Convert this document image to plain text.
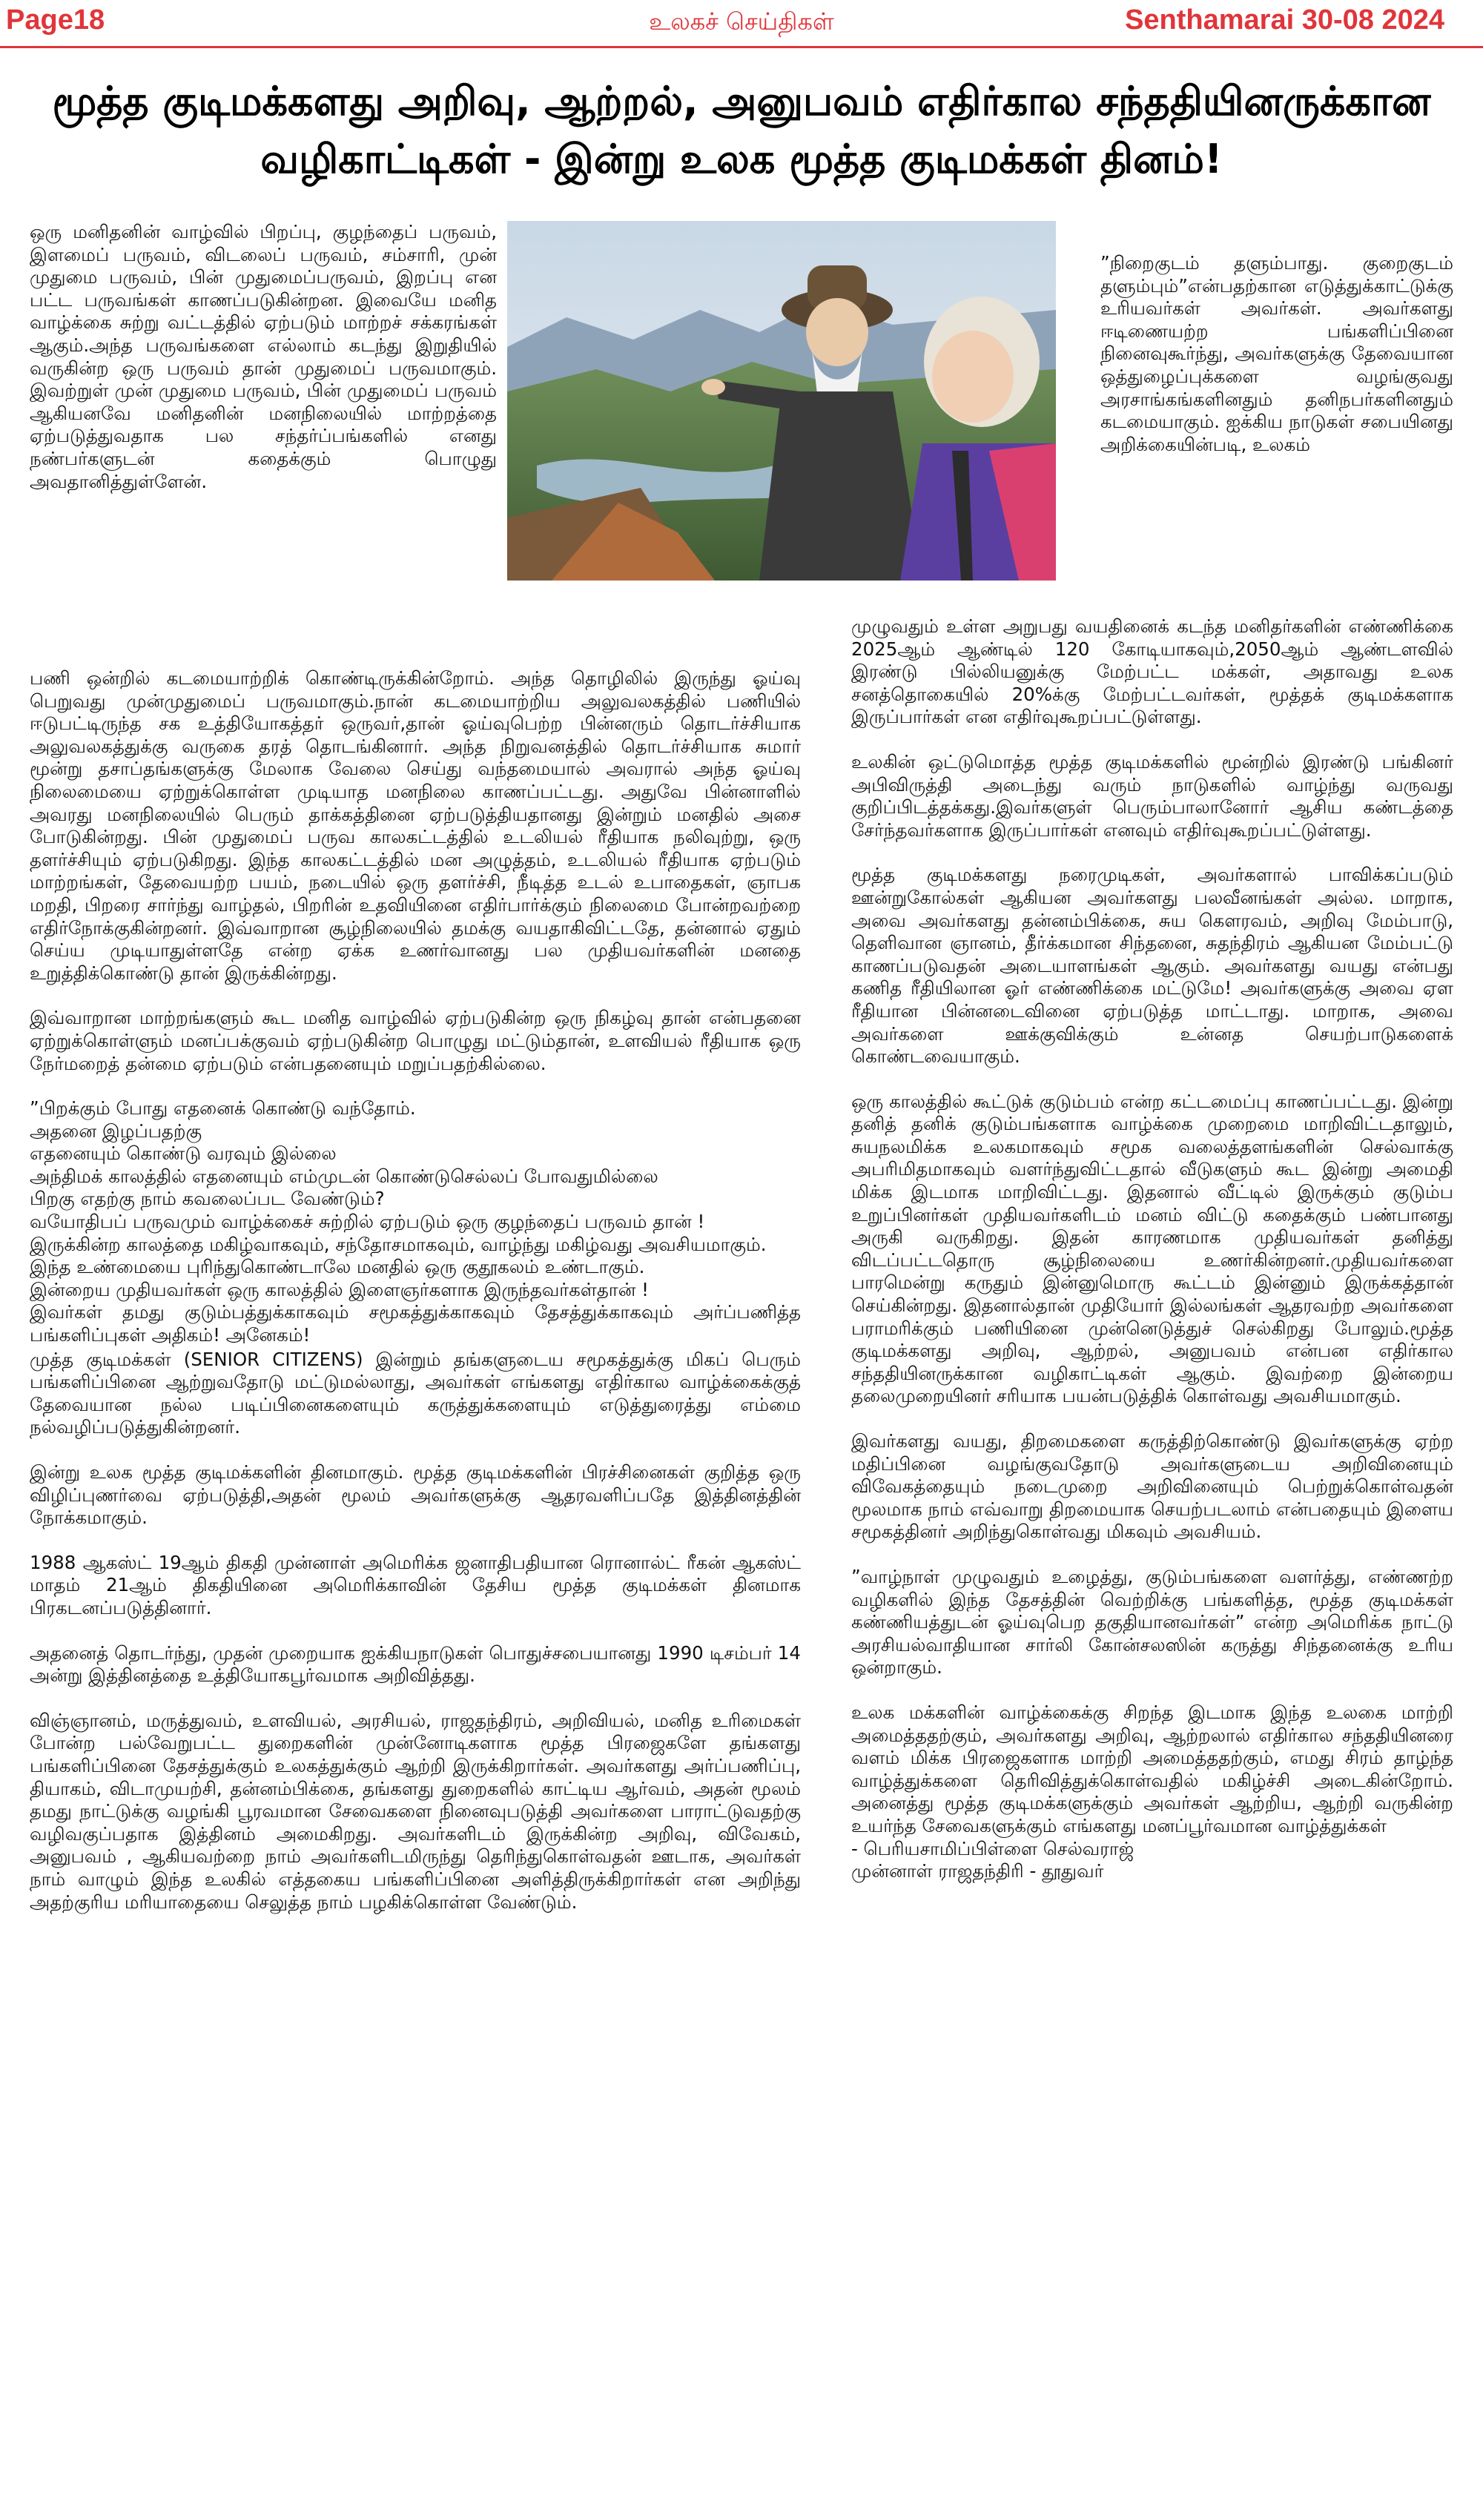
Page18	உலகச் செய்திகள்	Senthamarai 30-08 2024
மூத்த குடிமக்களது அறிவு, ஆற்றல், அனுபவம் எதிர்கால சந்ததியினருக்கான
வழிகாட்டிகள் - இன்று உலக மூத்த குடிமக்கள் தினம்!

ஒரு மனிதனின் வாழ்வில் பிறப்பு, குழந்தைப் பருவம், இளமைப் பருவம், விடலைப் பருவம், சம்சாரி, முன் முதுமை பருவம், பின் முதுமைப்பருவம், இறப்பு என பட்ட பருவங்கள் காணப்படுகின்றன. இவையே மனித வாழ்க்கை சுற்று வட்டத்தில் ஏற்படும் மாற்றச் சக்கரங்கள் ஆகும்.அந்த பருவங்களை எல்லாம் கடந்து இறுதியில் வருகின்ற ஒரு பருவம் தான் முதுமைப் பருவமாகும். இவற்றுள் முன் முதுமை பருவம், பின் முதுமைப் பருவம் ஆகியனவே மனிதனின் மனநிலையில் மாற்றத்தை ஏற்படுத்துவதாக பல சந்தர்ப்பங்களில் எனது நண்பர்களுடன் கதைக்கும் பொழுது அவதானித்துள்ளேன்.

”நிறைகுடம் தளும்பாது. குறைகுடம் தளும்பும்”என்பதற்கான எடுத்துக்காட்டுக்கு உரியவர்கள் அவர்கள். அவர்களது ஈடிணையற்ற பங்களிப்பினை நினைவுகூர்ந்து, அவர்களுக்கு தேவையான ஒத்துழைப்புக்களை வழங்குவது அரசாங்கங்களினதும் தனிநபர்களினதும் கடமையாகும். ஐக்கிய நாடுகள் சபையினது அறிக்கையின்படி, உலகம்

பணி ஒன்றில் கடமையாற்றிக் கொண்டிருக்கின்றோம். அந்த தொழிலில் இருந்து ஓய்வு பெறுவது முன்முதுமைப் பருவமாகும்.நான் கடமையாற்றிய அலுவலகத்தில் பணியில் ஈடுபட்டிருந்த சக உத்தியோகத்தர் ஒருவர்,தான் ஓய்வுபெற்ற பின்னரும் தொடர்ச்சியாக அலுவலகத்துக்கு வருகை தரத் தொடங்கினார். அந்த நிறுவனத்தில் தொடர்ச்சியாக சுமார் மூன்று தசாப்தங்களுக்கு மேலாக வேலை செய்து வந்தமையால் அவரால் அந்த ஓய்வு நிலைமையை ஏற்றுக்கொள்ள முடியாத மனநிலை காணப்பட்டது. அதுவே பின்னாளில் அவரது மனநிலையில் பெரும் தாக்கத்தினை ஏற்படுத்தியதானது இன்றும் மனதில் அசை போடுகின்றது. பின் முதுமைப் பருவ காலகட்டத்தில் உடலியல் ரீதியாக நலிவுற்று, ஒரு தளர்ச்சியும் ஏற்படுகிறது. இந்த காலகட்டத்தில் மன அழுத்தம், உடலியல் ரீதியாக ஏற்படும் மாற்றங்கள், தேவையற்ற பயம், நடையில் ஒரு தளர்ச்சி, நீடித்த உடல் உபாதைகள், ஞாபக மறதி, பிறரை சார்ந்து வாழ்தல், பிறரின் உதவியினை எதிர்பார்க்கும் நிலைமை போன்றவற்றை எதிர்நோக்குகின்றனர். இவ்வாறான சூழ்நிலையில் தமக்கு வயதாகிவிட்டதே, தன்னால் ஏதும் செய்ய முடியாதுள்ளதே என்ற ஏக்க உணர்வானது பல முதியவர்களின் மனதை உறுத்திக்கொண்டு தான் இருக்கின்றது.

இவ்வாறான மாற்றங்களும் கூட மனித வாழ்வில் ஏற்படுகின்ற ஒரு நிகழ்வு தான் என்பதனை ஏற்றுக்கொள்ளும் மனப்பக்குவம் ஏற்படுகின்ற பொழுது மட்டும்தான், உளவியல் ரீதியாக ஒரு நேர்மறைத் தன்மை ஏற்படும் என்பதனையும் மறுப்பதற்கில்லை.

”பிறக்கும் போது எதனைக் கொண்டு வந்தோம்.

அதனை இழப்பதற்கு

எதனையும் கொண்டு வரவும் இல்லை

அந்திமக் காலத்தில் எதனையும் எம்முடன் கொண்டுசெல்லப் போவதுமில்லை

பிறகு எதற்கு நாம் கவலைப்பட வேண்டும்?

வயோதிபப் பருவமும் வாழ்க்கைச் சுற்றில் ஏற்படும் ஒரு குழந்தைப் பருவம் தான் !

இருக்கின்ற காலத்தை மகிழ்வாகவும், சந்தோசமாகவும், வாழ்ந்து மகிழ்வது அவசியமாகும்.

இந்த உண்மையை புரிந்துகொண்டாலே மனதில் ஒரு குதூகலம் உண்டாகும்.

இன்றைய முதியவர்கள் ஒரு காலத்தில் இளைஞர்களாக இருந்தவர்கள்தான் !

இவர்கள் தமது குடும்பத்துக்காகவும் சமூகத்துக்காகவும் தேசத்துக்காகவும் அர்ப்பணித்த பங்களிப்புகள் அதிகம்! அனேகம்!

முத்த குடிமக்கள் (SENIOR CITIZENS) இன்றும் தங்களுடைய சமூகத்துக்கு மிகப் பெரும் பங்களிப்பினை ஆற்றுவதோடு மட்டுமல்லாது, அவர்கள் எங்களது எதிர்கால வாழ்க்கைக்குத் தேவையான நல்ல படிப்பினைகளையும் கருத்துக்களையும் எடுத்துரைத்து எம்மை நல்வழிப்படுத்துகின்றனர்.

இன்று உலக மூத்த குடிமக்களின் தினமாகும். மூத்த குடிமக்களின் பிரச்சினைகள் குறித்த ஒரு விழிப்புணர்வை ஏற்படுத்தி,அதன் மூலம் அவர்களுக்கு ஆதரவளிப்பதே இத்தினத்தின் நோக்கமாகும்.

1988 ஆகஸ்ட் 19ஆம் திகதி முன்னாள் அமெரிக்க ஜனாதிபதியான ரொனால்ட் ரீகன் ஆகஸ்ட் மாதம் 21ஆம் திகதியினை அமெரிக்காவின் தேசிய மூத்த குடிமக்கள் தினமாக பிரகடனப்படுத்தினார்.

அதனைத் தொடர்ந்து, முதன் முறையாக ஐக்கியநாடுகள் பொதுச்சபையானது 1990 டிசம்பர் 14 அன்று இத்தினத்தை உத்தியோகபூர்வமாக அறிவித்தது.

விஞ்ஞானம், மருத்துவம், உளவியல், அரசியல், ராஜதந்திரம், அறிவியல், மனித உரிமைகள் போன்ற பல்வேறுபட்ட துறைகளின் முன்னோடிகளாக மூத்த பிரஜைகளே தங்களது பங்களிப்பினை தேசத்துக்கும் உலகத்துக்கும் ஆற்றி இருக்கிறார்கள். அவர்களது அர்ப்பணிப்பு, தியாகம், விடாமுயற்சி, தன்னம்பிக்கை, தங்களது துறைகளில் காட்டிய ஆர்வம், அதன் மூலம் தமது நாட்டுக்கு வழங்கி பூரவமான சேவைகளை நினைவுபடுத்தி அவர்களை பாராட்டுவதற்கு வழிவகுப்பதாக இத்தினம் அமைகிறது. அவர்களிடம் இருக்கின்ற அறிவு, விவேகம், அனுபவம் , ஆகியவற்றை நாம் அவர்களிடமிருந்து தெரிந்துகொள்வதன் ஊடாக, அவர்கள் நாம் வாழும் இந்த உலகில் எத்தகைய பங்களிப்பினை அளித்திருக்கிறார்கள் என அறிந்து அதற்குரிய மரியாதையை செலுத்த நாம் பழகிக்கொள்ள வேண்டும்.

முழுவதும் உள்ள அறுபது வயதினைக் கடந்த மனிதர்களின் எண்ணிக்கை 2025ஆம் ஆண்டில் 120 கோடியாகவும்,2050ஆம் ஆண்டளவில் இரண்டு பில்லியனுக்கு மேற்பட்ட மக்கள், அதாவது உலக சனத்தொகையில் 20%க்கு மேற்பட்டவர்கள், மூத்தக் குடிமக்களாக இருப்பார்கள் என எதிர்வுகூறப்பட்டுள்ளது.

உலகின் ஒட்டுமொத்த மூத்த குடிமக்களில் மூன்றில் இரண்டு பங்கினர் அபிவிருத்தி அடைந்து வரும் நாடுகளில் வாழ்ந்து வருவது குறிப்பிடத்தக்கது.இவர்களுள் பெரும்பாலானோர் ஆசிய கண்டத்தை சேர்ந்தவர்களாக இருப்பார்கள் எனவும் எதிர்வுகூறப்பட்டுள்ளது.

மூத்த குடிமக்களது நரைமுடிகள், அவர்களால் பாவிக்கப்படும் ஊன்றுகோல்கள் ஆகியன அவர்களது பலவீனங்கள் அல்ல. மாறாக, அவை அவர்களது தன்னம்பிக்கை, சுய கௌரவம், அறிவு மேம்பாடு, தெளிவான ஞானம், தீர்க்கமான சிந்தனை, சுதந்திரம் ஆகியன மேம்பட்டு காணப்படுவதன் அடையாளங்கள் ஆகும். அவர்களது வயது என்பது கணித ரீதியிலான ஓர் எண்ணிக்கை மட்டுமே! அவர்களுக்கு அவை ஏள ரீதியான பின்னடைவினை ஏற்படுத்த மாட்டாது. மாறாக, அவை அவர்களை ஊக்குவிக்கும் உன்னத செயற்பாடுகளைக் கொண்டவையாகும்.

ஒரு காலத்தில் கூட்டுக் குடும்பம் என்ற கட்டமைப்பு காணப்பட்டது. இன்று தனித் தனிக் குடும்பங்களாக வாழ்க்கை முறைமை மாறிவிட்டதாலும், சுயநலமிக்க உலகமாகவும் சமூக வலைத்தளங்களின் செல்வாக்கு அபரிமிதமாகவும் வளர்ந்துவிட்டதால் வீடுகளும் கூட இன்று அமைதி மிக்க இடமாக மாறிவிட்டது. இதனால் வீட்டில் இருக்கும் குடும்ப உறுப்பினர்கள் முதியவர்களிடம் மனம் விட்டு கதைக்கும் பண்பானது அருகி வருகிறது. இதன் காரணமாக முதியவர்கள் தனித்து விடப்பட்டதொரு சூழ்நிலையை உணர்கின்றனர்.முதியவர்களை பாரமென்று கருதும் இன்னுமொரு கூட்டம் இன்னும் இருக்கத்தான் செய்கின்றது. இதனால்தான் முதியோர் இல்லங்கள் ஆதரவற்ற அவர்களை பராமரிக்கும் பணியினை முன்னெடுத்துச் செல்கிறது போலும்.மூத்த குடிமக்களது அறிவு, ஆற்றல், அனுபவம் என்பன எதிர்கால சந்ததியினருக்கான வழிகாட்டிகள் ஆகும். இவற்றை இன்றைய தலைமுறையினர் சரியாக பயன்படுத்திக் கொள்வது அவசியமாகும்.

இவர்களது வயது, திறமைகளை கருத்திற்கொண்டு இவர்களுக்கு ஏற்ற மதிப்பினை வழங்குவதோடு அவர்களுடைய அறிவினையும் விவேகத்தையும் நடைமுறை அறிவினையும் பெற்றுக்கொள்வதன் மூலமாக நாம் எவ்வாறு திறமையாக செயற்படலாம் என்பதையும் இளைய சமூகத்தினர் அறிந்துகொள்வது மிகவும் அவசியம்.

”வாழ்நாள் முழுவதும் உழைத்து, குடும்பங்களை வளர்த்து, எண்ணற்ற வழிகளில் இந்த தேசத்தின் வெற்றிக்கு பங்களித்த, மூத்த குடிமக்கள் கண்ணியத்துடன் ஓய்வுபெற தகுதியானவர்கள்” என்ற அமெரிக்க நாட்டு அரசியல்வாதியான சார்லி கோன்சலஸின் கருத்து சிந்தனைக்கு உரிய ஒன்றாகும்.

உலக மக்களின் வாழ்க்கைக்கு சிறந்த இடமாக இந்த உலகை மாற்றி அமைத்ததற்கும், அவர்களது அறிவு, ஆற்றலால் எதிர்கால சந்ததியினரை வளம் மிக்க பிரஜைகளாக மாற்றி அமைத்ததற்கும், எமது சிரம் தாழ்ந்த வாழ்த்துக்களை தெரிவித்துக்கொள்வதில் மகிழ்ச்சி அடைகின்றோம். அனைத்து மூத்த குடிமக்களுக்கும் அவர்கள் ஆற்றிய, ஆற்றி வருகின்ற உயர்ந்த சேவைகளுக்கும் எங்களது மனப்பூர்வமான வாழ்த்துக்கள்

- பெரியசாமிப்பிள்ளை செல்வராஜ்

முன்னாள் ராஜதந்திரி - தூதுவர்
